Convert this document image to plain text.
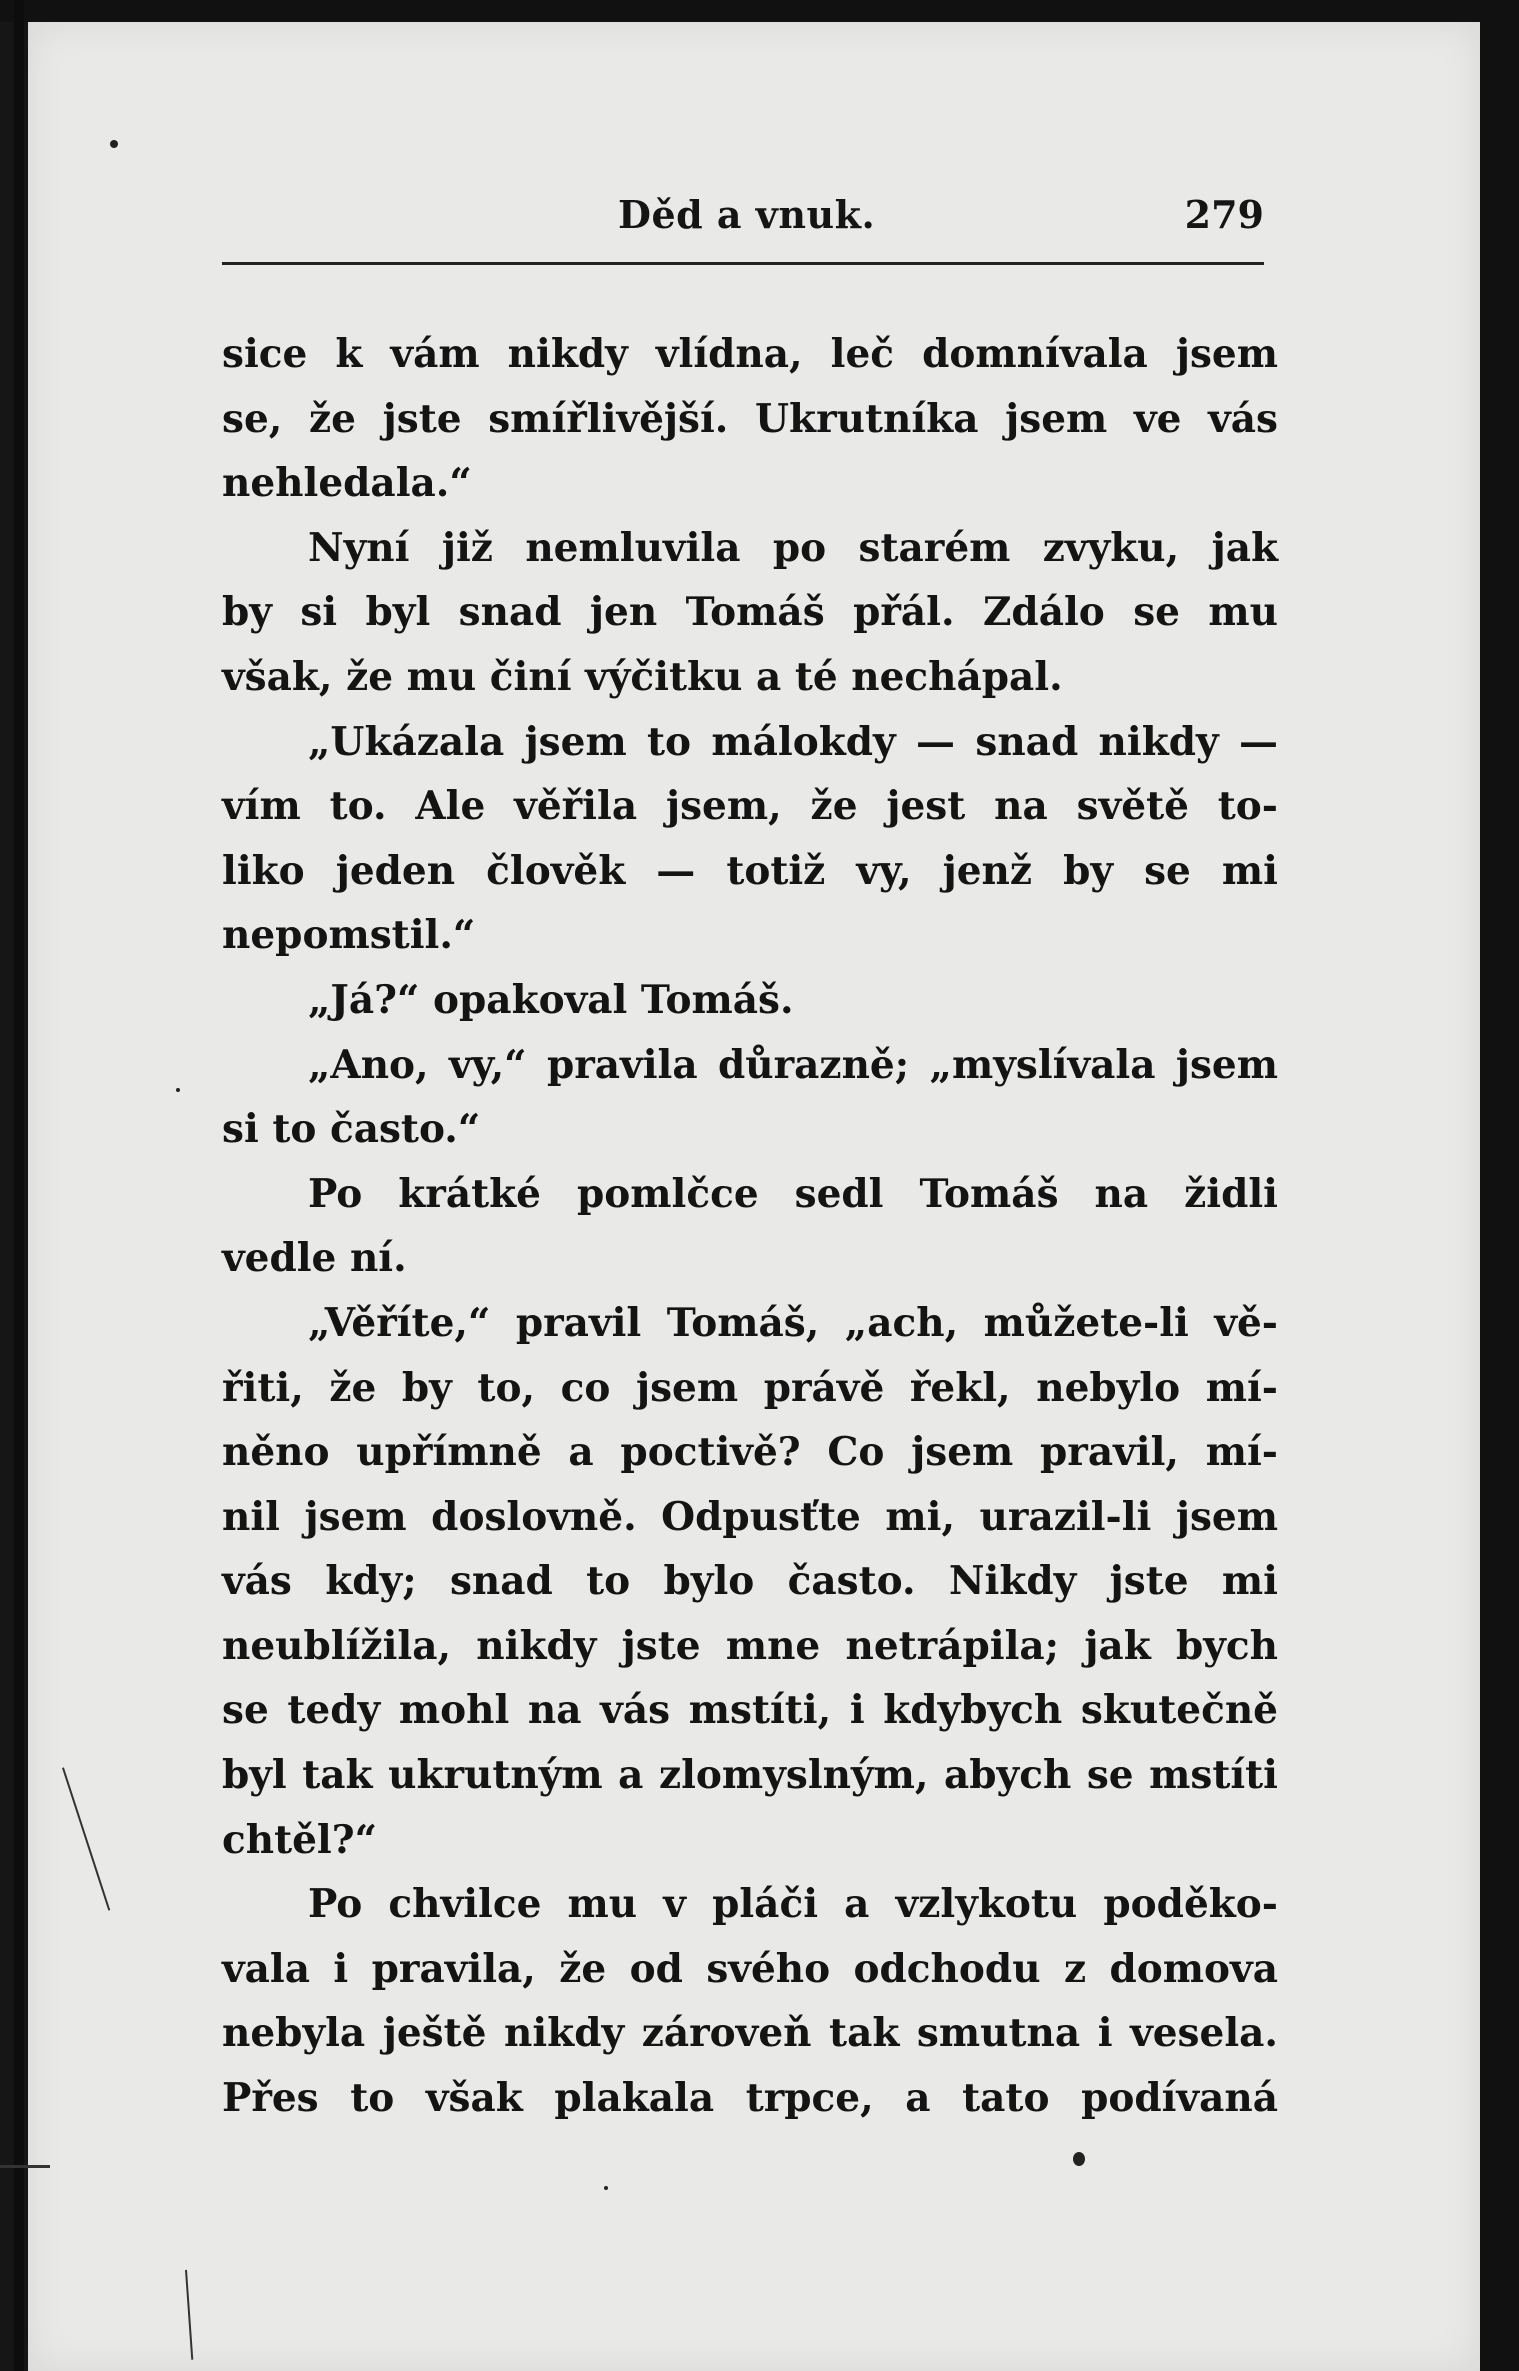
Děd a vnuk.	279
sice k vám nikdy vlídna, leč domnívala jsem
se, že jste smířlivější. Ukrutníka jsem ve vás
nehledala.“
Nyní již nemluvila po starém zvyku, jak
by si byl snad jen Tomáš přál. Zdálo se mu
však, že mu činí výčitku a té nechápal.
„Ukázala jsem to málokdy — snad nikdy —
vím to. Ale věřila jsem, že jest na světě to-
liko jeden člověk — totiž vy, jenž by se mi
nepomstil.“
„Já?“ opakoval Tomáš.
„Ano, vy,“ pravila důrazně; „myslívala jsem
si to často.“
Po krátké pomlčce sedl Tomáš na židli
vedle ní.
„Věříte,“ pravil Tomáš, „ach, můžete-li vě-
řiti, že by to, co jsem právě řekl, nebylo mí-
něno upřímně a poctivě? Co jsem pravil, mí-
nil jsem doslovně. Odpusťte mi, urazil-li jsem
vás kdy; snad to bylo často. Nikdy jste mi
neublížila, nikdy jste mne netrápila; jak bych
se tedy mohl na vás mstíti, i kdybych skutečně
byl tak ukrutným a zlomyslným, abych se mstíti
chtěl?“
Po chvilce mu v pláči a vzlykotu poděko-
vala i pravila, že od svého odchodu z domova
nebyla ještě nikdy zároveň tak smutna i vesela.
Přes to však plakala trpce, a tato podívaná
